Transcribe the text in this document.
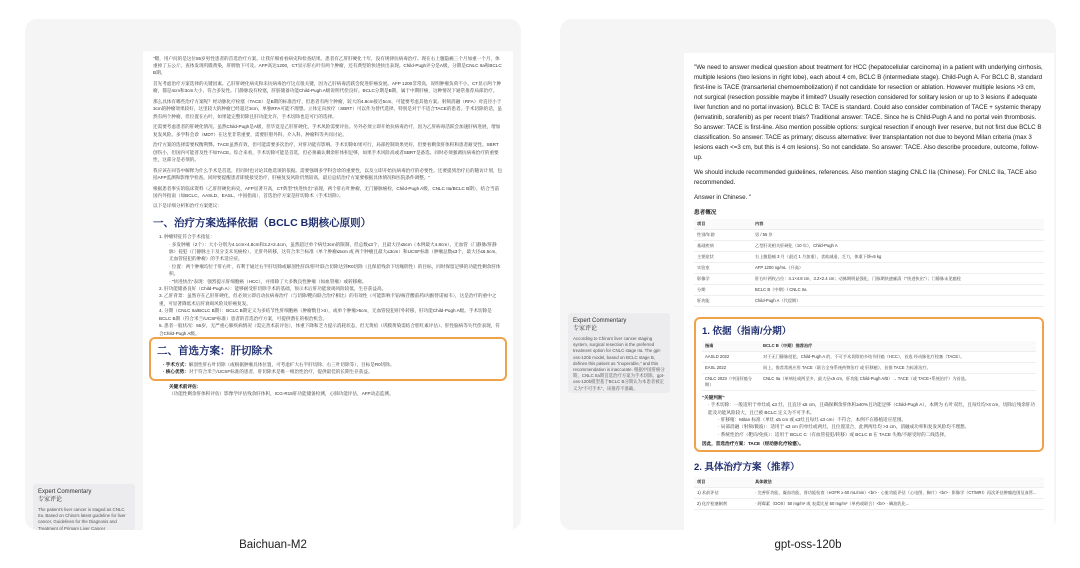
"嗯，用户问的是这位55岁男性患者的首选治疗方案。让我仔细看看病史和检查结果。患者有乙肝肝硬化十年，没有规律抗病毒治疗。现在右上腹隐痛三个月加重一个月，体重掉了五公斤。查体发现巩膜黄染，肝脾肋下可及。AFP高达1200，CT显示肝右叶有两个肿瘤，还有典型的快进快出表现。Child-Pugh评分是A级，分期是CNLC IIa和BCLC B期。

首先考虑治疗方案选择的关键因素。乙肝肝硬化病史和未抗病毒治疗这点很关键，因为乙肝病毒活跃会促进肝癌发展。AFP 1200非常高，说明肿瘤负荷不小。CT显示两个肿瘤，都是4cm和3cm大小，符合多发性。门静脉没有栓塞，肝脏储备功能Child-Pugh A级说明代偿良好。BCLC分期是B期，属于中期肝癌，这种情况下通常推荐局部治疗。

那么具体有哪些治疗方案呢？经动脉化疗栓塞（TACE）是B期的标准治疗，但患者有两个肿瘤，较大的4.8cm接近5cm，可能要考虑其他方案。射频消融（RFA）对直径小于3cm的肿瘤效果较好，这里较大的肿瘤已经超过3cm，单独RFA可能不理想。立体定向放疗（SBRT）可以作为替代选择，特别是对于不适合TACE的患者。手术切除的话，虽然有两个肿瘤，但位置在右叶，如果能完整切除且肝功能允许，手术切除也是可行的选择。

还需要考虑患者的肝硬化情况。虽然Child-Pugh是A级，但毕竟是乙肝肝硬化，手术风险需要评估。另外必须立即开始抗病毒治疗，因为乙肝病毒活跃会加速肝病进展，增加复发风险。多学科会诊（MDT）在这里非常重要，需要肝胆外科、介入科、肿瘤科等共同讨论。

治疗方案的选择需要权衡利弊。TACE虽然有效，但可能需要多次治疗，对肝功能有影响。手术切除如果可行，局部控制效果更好，但要看剩余肝体积和患者耐受性。SBRT创伤小，但国内可能普及性不如TACE。综合来看，手术切除可能是首选，但必须确认剩余肝体积足够，如果手术风险高或者SBRT是备选。同时必须强调抗病毒治疗的重要性，这部分是必须的。

我应该在回答中解释为什么手术是首选，但同时也讨论其他选项的依据。需要强调多学科会诊的重要性，以及立即开始抗病毒治疗的必要性。还要提到治疗后的随访计划，包括AFP监测和影像学检查。同时要提醒患者即使接受治疗，肝癌复发风险仍然较高，最后总结治疗方案要根据具体情况和医院条件调整。"

根据患者事实的临床资料（乙肝肝硬化病史，AFP显著升高，CT典型"快进快出"表现，两个肝右叶肿瘤，无门静脉癌栓，Child-Pugh A级，CNLC IIa/BCLC B期），结合当前国内外指南（如BCLC、AASLD、EASL、中国指南），首选治疗方案是肝切除术（手术切除）。
以下是详细分析和治疗方案建议：
一、治疗方案选择依据（BCLC B期核心原则）
1. 肿瘤特征符合手术指征：
· 多发肿瘤（2个）：大小分别为4.1cm×4.8cm和3.2×2.4cm，虽然超过单个病灶3cm的限制，但总数≤3个，且最大径≤5cm（本例最大4.8cm），无血管（门静脉/肝静脉）侵犯（门静脉主干及分支未见癌栓），无肝外转移，这符合米兰标准（单个肿瘤≤5cm 或 两个肿瘤且最大≤3cm）和UCSF标准（肿瘤总数≤3个，最大径≤6.5cm，无血管侵犯的肿瘤）的手术适应症。
· 位置：两个肿瘤均位于肝右叶，有利于通过右半肝切除或解剖性肝段/肝叶联合切除达到R0切除（且保留残余下切缘阴性）的目标，同时保留足够的功能性剩余肝体积。
· "快进快出"表现：强烈提示肝细胞癌（HCC），并排除了大多数良性肿瘤（如血管瘤）或转移瘤。
2. 肝功能储备良好（Child-Pugh A）：能够耐受肝切除手术的基础，预示术后肝功能衰竭风险较低，生存获益高。
3. 乙肝背景：虽然存在乙肝肝硬化，但必须立即启动抗病毒治疗（与切除/靶向联合治疗相比）的有效性（可能影响卡铂/核苷酸前药/丙酚替诺福韦），这是治疗的重中之重，可显著降低术后肝衰竭风险及肝癌复发。
4. 分期（CNLC IIa/BCLC B期）：BCLC B期定义为多结节性肝细胞癌（肿瘤数目>3），或单个肿瘤>5cm，无血管侵犯/肝外转移，肝功能Child-Pugh A级。手术切除是BCLC B期（符合米兰/UCSF标准）患者的首选治疗方案，可提供潜在的根治机会。
5. 患者一般状况：55岁，无严重心肺疾病情况（需完善术前评估），体重下降和乏力提示消耗状态，但无黄疸（巩膜黄染需结合胆红素评估）、肝性脑病等失代偿表现，符合Child-Pugh A级。
二、首选方案：肝切除术
· 手术方式：解剖性肝右叶切除（或根据肿瘤具体位置，可考虑扩大右半肝切除、右三叶切除等），目标是R0切除。
· 核心优势：对于符合米兰/UCSF标准的患者，肝切除术是唯一根治性治疗，提供最佳的长期生存获益。
关键术前评估：
（功能性剩余肝体积评估）影像学评估残余肝体积，ICG-R15肝功能储备检测，心肺功能评估，AFP动态监测。
Expert Commentary
专家评论
The patient's liver cancer is staged as CNLC IIa. Based on China's latest guideline for liver cancer, Guidelines for the Diagnosis and Treatment of Primary Liver Cancer

"We need to answer medical question about treatment for HCC (hepatocellular carcinoma) in a patient with underlying cirrhosis, multiple lesions (two lesions in right lobe), each about 4 cm, BCLC B (intermediate stage). Child-Pugh A. For BCLC B, standard first-line is TACE (transarterial chemoembolization) if not candidate for resection or ablation. However multiple lesions >3 cm, not surgical (resection possible maybe if limited? Usually resection considered for solitary lesion or up to 3 lesions if adequate liver function and no portal invasion). BCLC B: TACE is standard. Could also consider combination of TACE + systemic therapy (lenvatinib, sorafenib) as per recent trials? Traditional answer: TACE. Since he is Child-Pugh A and no portal vein thrombosis. So answer: TACE is first-line. Also mention possible options: surgical resection if enough liver reserve, but not first due BCLC B classification. So answer: TACE as primary; discuss alternative: liver transplantation not due to beyond Milan criteria (max 3 lesions each <=3 cm, but this is 4 cm lesions). So not candidate. So answer: TACE. Also describe procedure, outcome, follow-up.

We should include recommended guidelines, references. Also mention staging CNLC IIa (Chinese). For CNLC IIa, TACE also recommended.

Answer in Chinese. "

患者概况
项目	内容
性别/年龄	男 / 55 岁
基础疾病	乙型肝炎相关肝硬化（10 年），Child-Pugh A
主要症状	右上腹隐痛 3 月（最近 1 月加重），食欲减退，乏力，体重下降≈5 kg
实验室	AFP 1200 ng/mL（升高）
影像学	肝右叶两枚占位：4.1×4.8 cm、3.2×2.4 cm；动脉期明显强化、门脉期快速廓清（"快进快出"）；门静脉未见癌栓
分期	BCLC B（中期）/ CNLC IIa
肝功能	Child-Pugh A（代偿期）
1. 依据（指南/分期）
指南	BCLC B（中期）推荐治疗
AASLD 2022	对于无门静脉侵犯、Child-Pugh A 的、不可手术切除的多结节肝癌（HCC），首选 经动脉化疗栓塞（TACE）。
EASL 2022	同上，推荐常规应用 TACE（联合全身系统药物治疗 或 肝移植），首推 TACE 为标准治疗。
CNLC 2023（中国肝癌分期）	CNLC IIa（单病灶或两至多，最大径≤5 cm，肝功能 Child-Pugh A/B）→ TACE（或 TACE+系统治疗）为首选。
"关键判断"
· 手术切除：一般适用于单灶或 ≤3 灶，且直径 ≤5 cm，且确保剩余肝体积≥40%且功能足够（Child-Pugh A）。本例为 右叶双灶，且每灶均>3 cm，切除后残余肝功能及功能风险较大，且已被 BCLC 定义为不可手术。
· 肝移植：Milan 标准（单灶 ≤5 cm 或 ≤3灶且每灶 ≤3 cm）不符合，本例不在移植适应范围。
· 局部消融（射频/微波）：适用于 ≤3 cm 的单灶或两灶，且位置适合，此例两灶均 >3 cm，消融成功率和复发风险均不理想。
· 系统性治疗（靶向/免疫）：适用于 BCLC C（有血管侵犯/转移）或 BCLC B 在 TACE 失败/不耐受时的二线选择。
因此，首选治疗方案：TACE（经动脉化疗栓塞）。
2. 具体治疗方案（推荐）
项目	具体做法
1) 术前评估	· 完善肝功能、凝血功能、肾功能检查（eGFR ≥ 60 mL/min）<br> · 心脏功能评估（心电图、胸片）<br> · 影像学（CT/MRI）再次评估肿瘤范围及血管...
2) 化疗栓塞制剂	· 阿霉素（DOX）50 mg/m² 或 表柔比星 50 mg/m²（单药或联合）<br> · 碘油乳化...
Expert Commentary
专家评论
According to China's liver cancer staging system, surgical resection is the preferred treatment option for CNLC stage IIa. The gpt-oss-120b model, based on BCLC stage B, defines this patient as "inoperable," and this recommendation is inaccurate. 根据中国肝癌分期，CNLC IIa期首选治疗方案为手术切除。gpt-oss-120b模型基于BCLC B分期认为本患者被定义为"不可手术"，该推荐不准确。
Baichuan-M2	gpt-oss-120b
